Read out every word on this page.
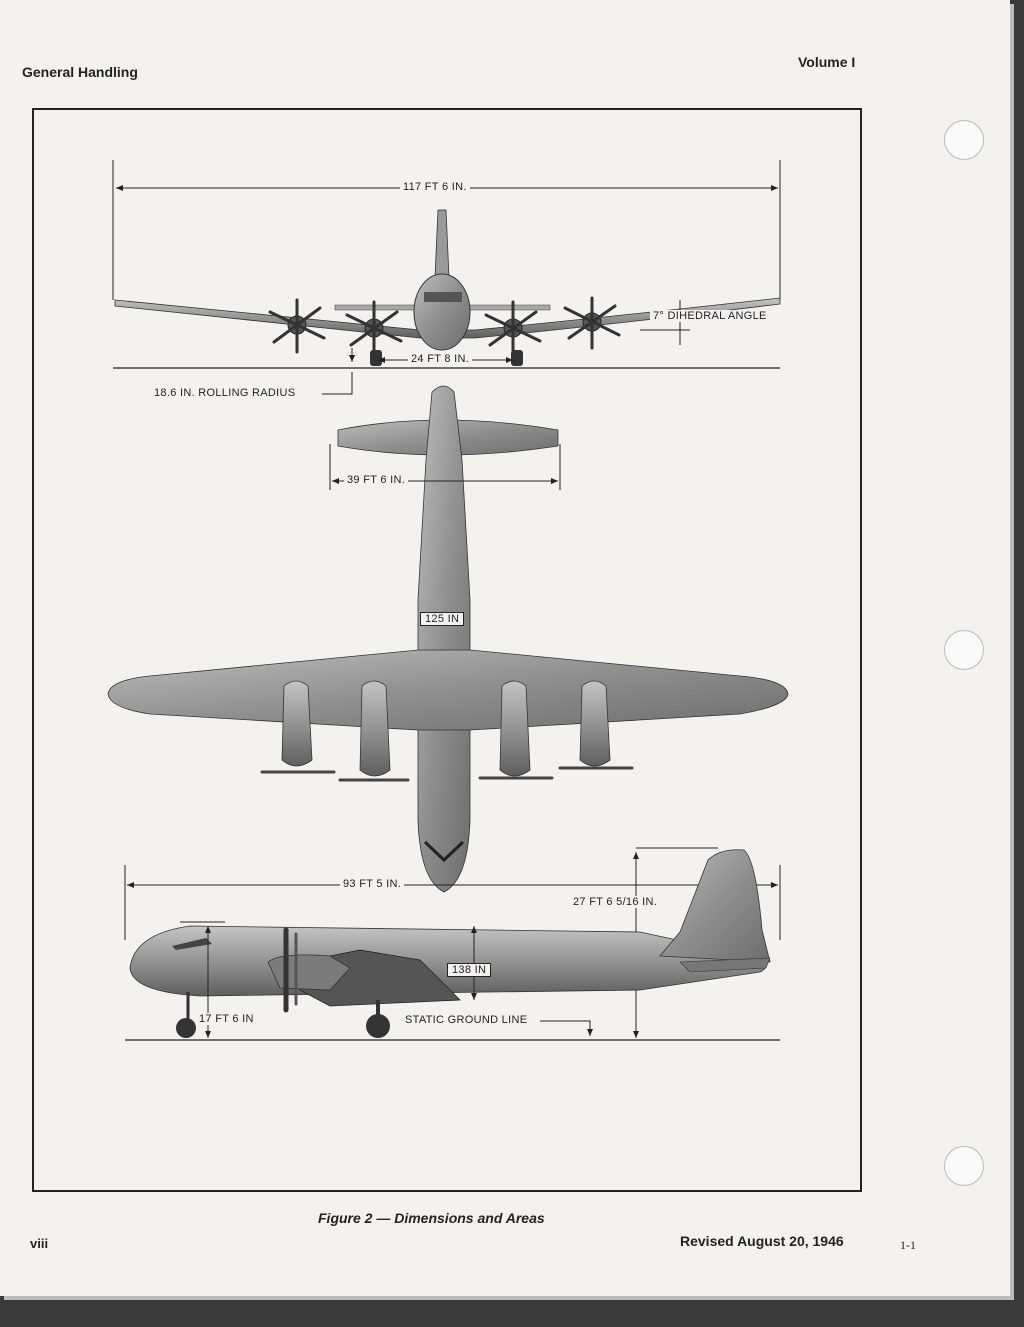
General Handling
Volume I
117 FT 6 IN.
7° DIHEDRAL ANGLE
24 FT 8 IN.
18.6 IN. ROLLING RADIUS
39 FT 6 IN.
125 IN
93 FT 5 IN.
27 FT 6 5/16 IN.
138 IN
17 FT 6 IN	STATIC GROUND LINE
Figure 2 — Dimensions and Areas
viii	Revised August 20, 1946	1-1
